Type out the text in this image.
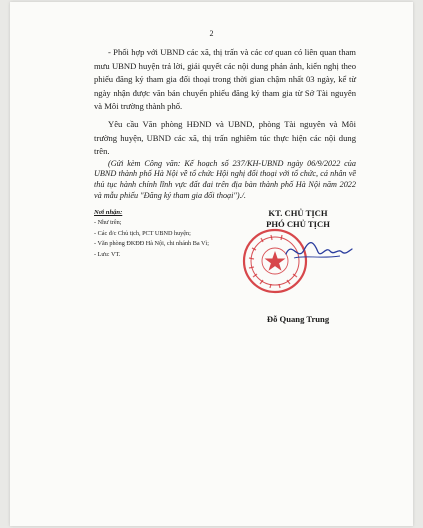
2

- Phối hợp với UBND các xã, thị trấn và các cơ quan có liên quan tham mưu UBND huyện trả lời, giải quyết các nội dung phản ánh, kiến nghị theo phiếu đăng ký tham gia đối thoại trong thời gian chậm nhất 03 ngày, kể từ ngày nhận được văn bản chuyển phiếu đăng ký tham gia từ Sở Tài nguyên và Môi trường thành phố.

Yêu cầu Văn phòng HĐND và UBND, phòng Tài nguyên và Môi trường huyện, UBND các xã, thị trấn nghiêm túc thực hiện các nội dung trên.

(Gửi kèm Công văn: Kế hoạch số 237/KH-UBND ngày 06/9/2022 của UBND thành phố Hà Nội về tổ chức Hội nghị đối thoại với tổ chức, cá nhân về thủ tục hành chính lĩnh vực đất đai trên địa bàn thành phố Hà Nội năm 2022 và mẫu phiếu "Đăng ký tham gia đối thoại")./.

Nơi nhận:
- Như trên;
- Các đ/c Chủ tịch, PCT UBND huyện;
- Văn phòng ĐKĐĐ Hà Nội, chi nhánh Ba Vì;
- Lưu: VT.
KT. CHỦ TỊCH
PHÓ CHỦ TỊCH
Đỗ Quang Trung
